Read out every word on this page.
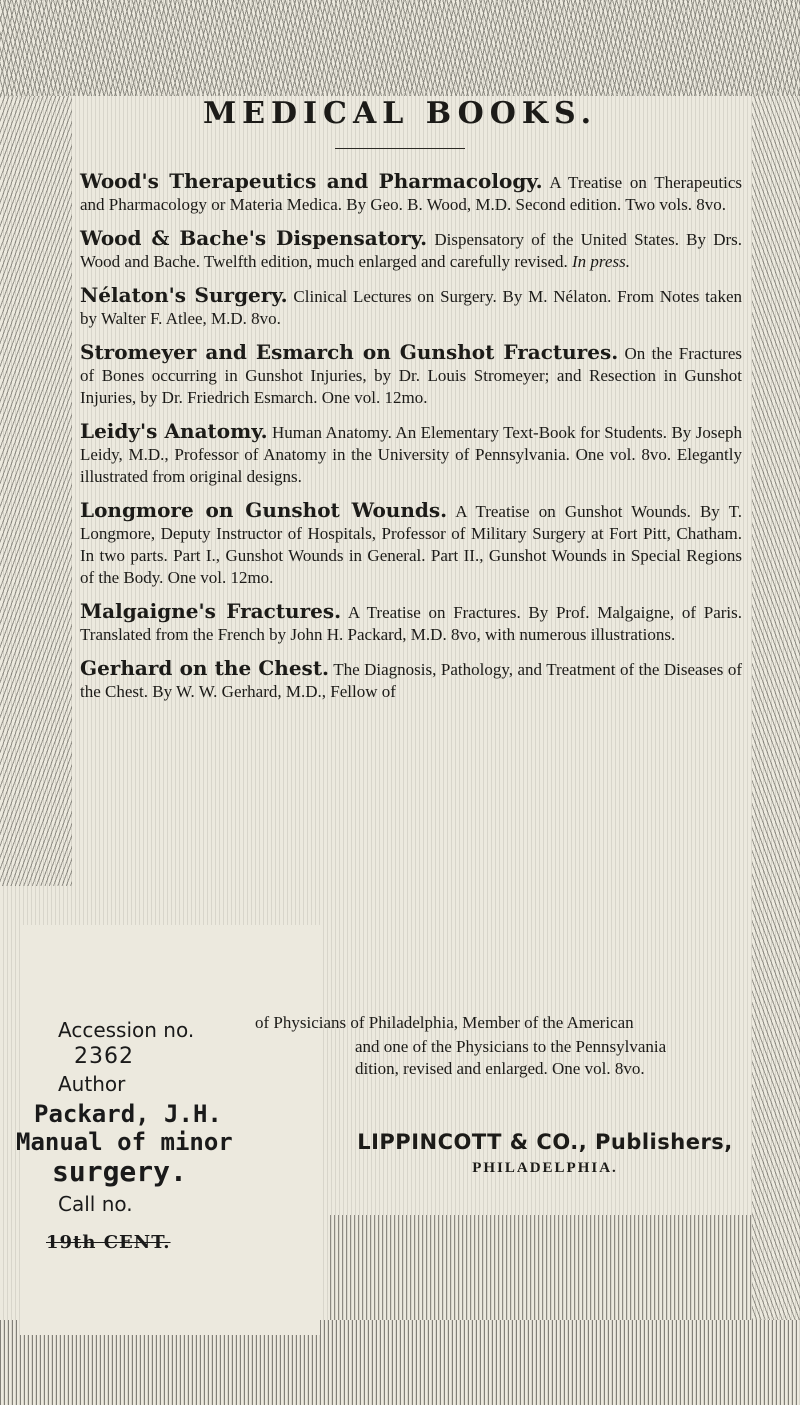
MEDICAL BOOKS.
Wood's Therapeutics and Pharmacology. A Treatise on Therapeutics and Pharmacology or Materia Medica. By Geo. B. Wood, M.D. Second edition. Two vols. 8vo.
Wood & Bache's Dispensatory. Dispensatory of the United States. By Drs. Wood and Bache. Twelfth edition, much enlarged and carefully revised. In press.
Nélaton's Surgery. Clinical Lectures on Surgery. By M. Nélaton. From Notes taken by Walter F. Atlee, M.D. 8vo.
Stromeyer and Esmarch on Gunshot Fractures. On the Fractures of Bones occurring in Gunshot Injuries, by Dr. Louis Stromeyer; and Resection in Gunshot Injuries, by Dr. Friedrich Esmarch. One vol. 12mo.
Leidy's Anatomy. Human Anatomy. An Elementary Text-Book for Students. By Joseph Leidy, M.D., Professor of Anatomy in the University of Pennsylvania. One vol. 8vo. Elegantly illustrated from original designs.
Longmore on Gunshot Wounds. A Treatise on Gunshot Wounds. By T. Longmore, Deputy Instructor of Hospitals, Professor of Military Surgery at Fort Pitt, Chatham. In two parts. Part I., Gunshot Wounds in General. Part II., Gunshot Wounds in Special Regions of the Body. One vol. 12mo.
Malgaigne's Fractures. A Treatise on Fractures. By Prof. Malgaigne, of Paris. Translated from the French by John H. Packard, M.D. 8vo, with numerous illustrations.
Gerhard on the Chest. The Diagnosis, Pathology, and Treatment of the Diseases of the Chest. By W. W. Gerhard, M.D., Fellow of
of Physicians of Philadelphia, Member of the American
and one of the Physicians to the Pennsylvania
dition, revised and enlarged. One vol. 8vo.
Accession no.
2362
Author
Packard, J.H.
Manual of minor
surgery.
Call no.
19th CENT.
LIPPINCOTT & CO., Publishers,
PHILADELPHIA.
